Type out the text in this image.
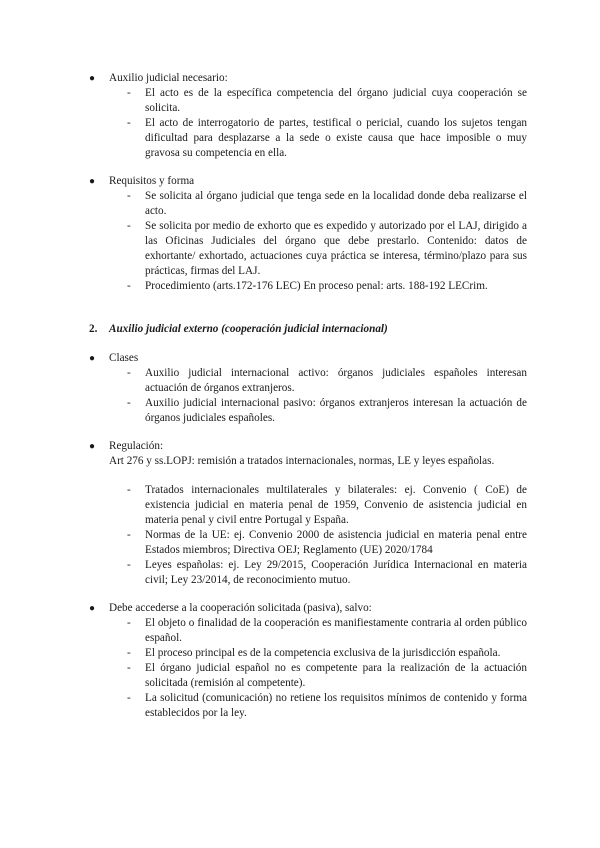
● Auxilio judicial necesario:
- El acto es de la específica competencia del órgano judicial cuya cooperación se solicita.
- El acto de interrogatorio de partes, testifical o pericial, cuando los sujetos tengan dificultad para desplazarse a la sede o existe causa que hace imposible o muy gravosa su competencia en ella.
● Requisitos y forma
- Se solicita al órgano judicial que tenga sede en la localidad donde deba realizarse el acto.
- Se solicita por medio de exhorto que es expedido y autorizado por el LAJ, dirigido a las Oficinas Judiciales del órgano que debe prestarlo. Contenido: datos de exhortante/ exhortado, actuaciones cuya práctica se interesa, término/plazo para sus prácticas, firmas del LAJ.
- Procedimiento (arts.172-176 LEC) En proceso penal: arts. 188-192 LECrim.
2. Auxilio judicial externo (cooperación judicial internacional)
● Clases
- Auxilio judicial internacional activo: órganos judiciales españoles interesan actuación de órganos extranjeros.
- Auxilio judicial internacional pasivo: órganos extranjeros interesan la actuación de órganos judiciales españoles.
● Regulación:
Art 276 y ss.LOPJ: remisión a tratados internacionales, normas, LE y leyes españolas.
- Tratados internacionales multilaterales y bilaterales: ej. Convenio ( CoE) de existencia judicial en materia penal de 1959, Convenio de asistencia judicial en materia penal y civil entre Portugal y España.
- Normas de la UE: ej. Convenio 2000 de asistencia judicial en materia penal entre Estados miembros; Directiva OEJ; Reglamento (UE) 2020/1784
- Leyes españolas: ej. Ley 29/2015, Cooperación Jurídica Internacional en materia civil; Ley 23/2014, de reconocimiento mutuo.
● Debe accederse a la cooperación solicitada (pasiva), salvo:
- El objeto o finalidad de la cooperación es manifiestamente contraria al orden público español.
- El proceso principal es de la competencia exclusiva de la jurisdicción española.
- El órgano judicial español no es competente para la realización de la actuación solicitada (remisión al competente).
- La solicitud (comunicación) no retiene los requisitos mínimos de contenido y forma establecidos por la ley.
